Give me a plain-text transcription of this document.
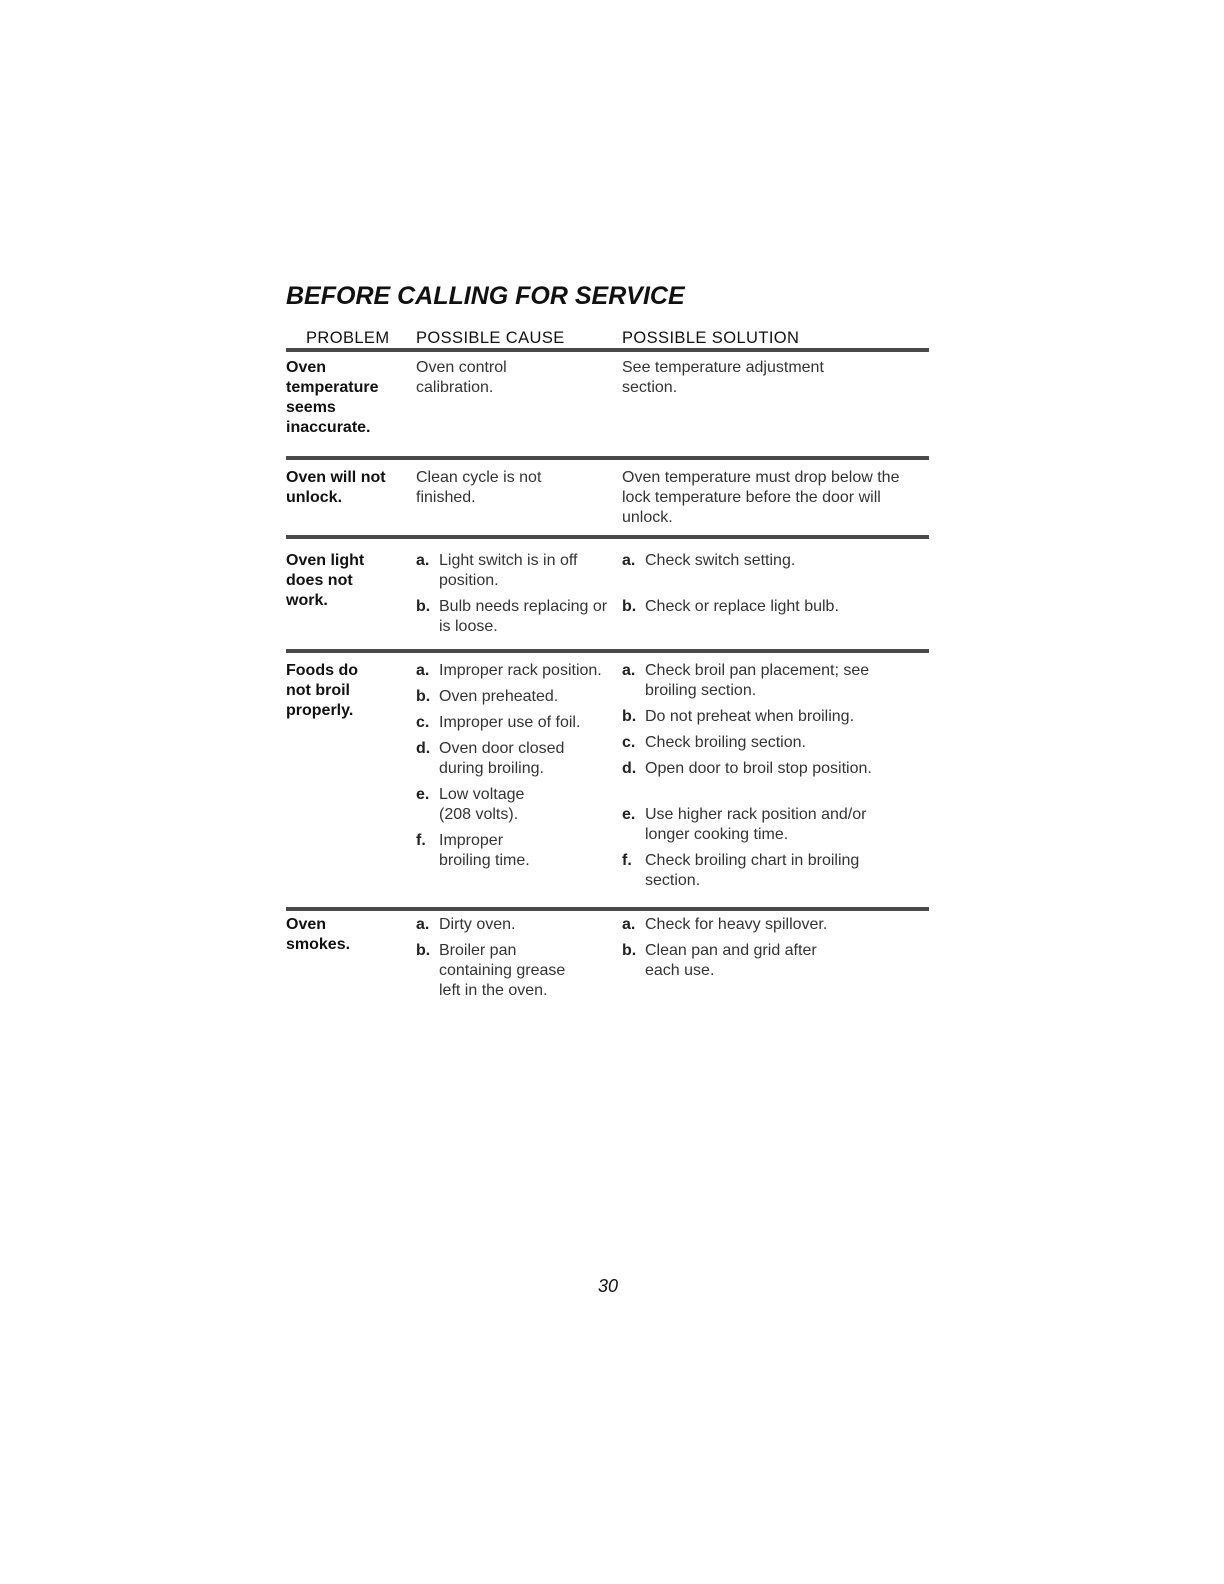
BEFORE CALLING FOR SERVICE
PROBLEM POSSIBLE CAUSE	POSSIBLE SOLUTION
Oven temperature seems inaccurate.
Oven control calibration.
See temperature adjustment section.
Oven will not unlock.
Clean cycle is not finished.
Oven temperature must drop below the lock temperature before the door will unlock.
Oven light does not work.
a. Light switch is in off position.
b. Bulb needs replacing or is loose.
a. Check switch setting.
b. Check or replace light bulb.
Foods do not broil properly.
a. Improper rack position.
b. Oven preheated.
c. Improper use of foil.
d. Oven door closed during broiling.
e. Low voltage (208 volts).
f. Improper broiling time.
a. Check broil pan placement; see broiling section.
b. Do not preheat when broiling.
c. Check broiling section.
d. Open door to broil stop position.
e. Use higher rack position and/or longer cooking time.
f. Check broiling chart in broiling section.
Oven smokes.
a. Dirty oven.
b. Broiler pan containing grease left in the oven.
a. Check for heavy spillover.
b. Clean pan and grid after each use.
30
